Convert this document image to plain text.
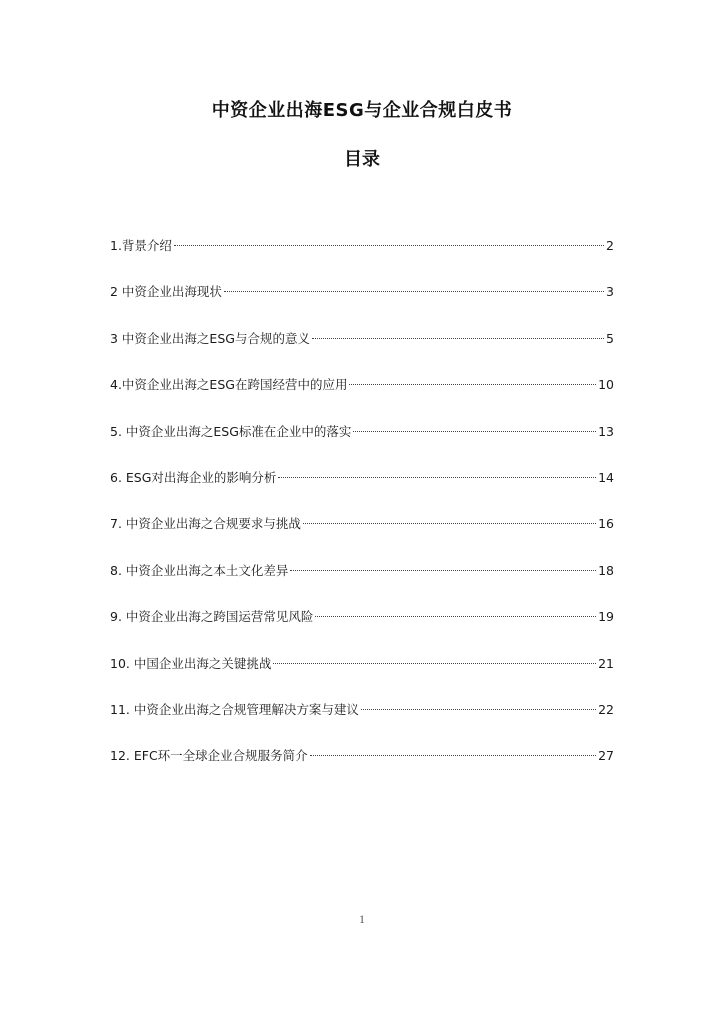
中资企业出海ESG与企业合规白皮书
目录
1.背景介绍	2
2 中资企业出海现状	3
3 中资企业出海之ESG与合规的意义	5
4.中资企业出海之ESG在跨国经营中的应用	10
5. 中资企业出海之ESG标准在企业中的落实	13
6. ESG对出海企业的影响分析	14
7. 中资企业出海之合规要求与挑战	16
8. 中资企业出海之本土文化差异	18
9. 中资企业出海之跨国运营常见风险	19
10. 中国企业出海之关键挑战	21
11. 中资企业出海之合规管理解决方案与建议	22
12. EFC环一全球企业合规服务简介	27
1
